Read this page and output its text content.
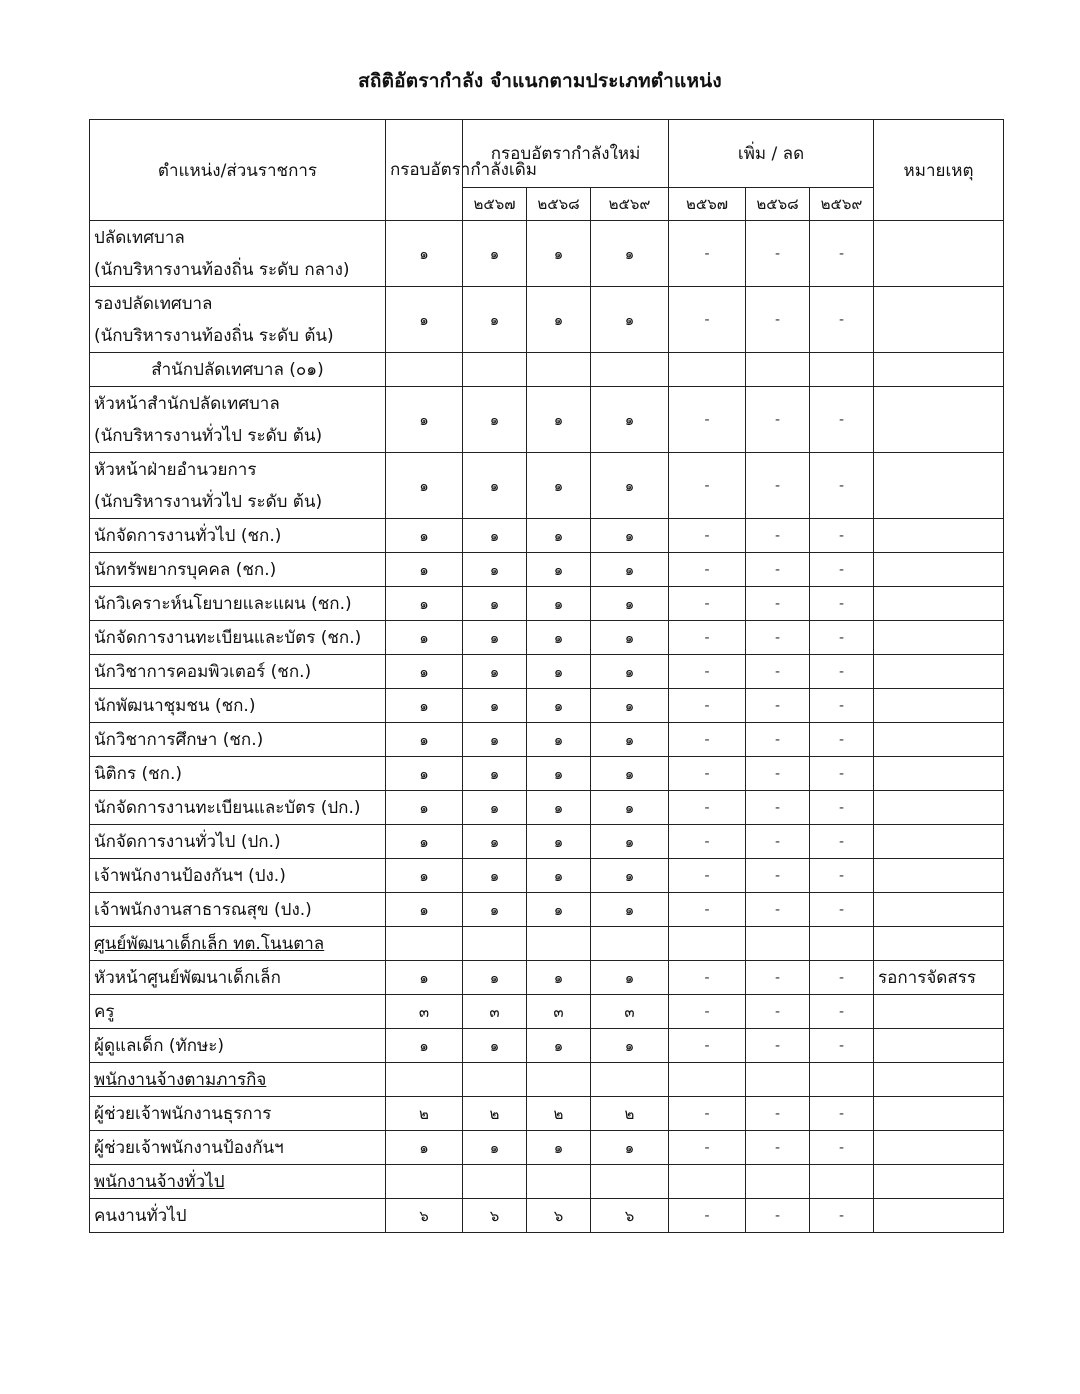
สถิติอัตรากำลัง จำแนกตามประเภทตำแหน่ง
ตำแหน่ง/ส่วนราชการ	กรอบอัตรากำลังเดิม	กรอบอัตรากำลังใหม่			เพิ่ม / ลด			หมายเหตุ
		๒๕๖๗	๒๕๖๘	๒๕๖๙	๒๕๖๗	๒๕๖๘	๒๕๖๙	

ปลัดเทศบาล
(นักบริหารงานท้องถิ่น ระดับ กลาง)	๑	๑	๑	๑	-	-	-	

รองปลัดเทศบาล
(นักบริหารงานท้องถิ่น ระดับ ต้น)	๑	๑	๑	๑	-	-	-	
สำนักปลัดเทศบาล (๐๑)								

หัวหน้าสำนักปลัดเทศบาล
(นักบริหารงานทั่วไป ระดับ ต้น)	๑	๑	๑	๑	-	-	-	

หัวหน้าฝ่ายอำนวยการ
(นักบริหารงานทั่วไป ระดับ ต้น)	๑	๑	๑	๑	-	-	-	

นักจัดการงานทั่วไป (ชก.)	๑	๑	๑	๑	-	-	-	

นักทรัพยากรบุคคล (ชก.)	๑	๑	๑	๑	-	-	-	

นักวิเคราะห์นโยบายและแผน (ชก.)	๑	๑	๑	๑	-	-	-	

นักจัดการงานทะเบียนและบัตร (ชก.)	๑	๑	๑	๑	-	-	-	

นักวิชาการคอมพิวเตอร์ (ชก.)	๑	๑	๑	๑	-	-	-	

นักพัฒนาชุมชน (ชก.)	๑	๑	๑	๑	-	-	-	

นักวิชาการศึกษา (ชก.)	๑	๑	๑	๑	-	-	-	

นิติกร (ชก.)	๑	๑	๑	๑	-	-	-	

นักจัดการงานทะเบียนและบัตร (ปก.)	๑	๑	๑	๑	-	-	-	

นักจัดการงานทั่วไป (ปก.)	๑	๑	๑	๑	-	-	-	

เจ้าพนักงานป้องกันฯ (ปง.)	๑	๑	๑	๑	-	-	-	

เจ้าพนักงานสาธารณสุข (ปง.)	๑	๑	๑	๑	-	-	-	
ศูนย์พัฒนาเด็กเล็ก ทต.โนนตาล								

หัวหน้าศูนย์พัฒนาเด็กเล็ก	๑	๑	๑	๑	-	-	-	รอการจัดสรร

ครู	๓	๓	๓	๓	-	-	-	

ผู้ดูแลเด็ก (ทักษะ)	๑	๑	๑	๑	-	-	-	
พนักงานจ้างตามภารกิจ								

ผู้ช่วยเจ้าพนักงานธุรการ	๒	๒	๒	๒	-	-	-	

ผู้ช่วยเจ้าพนักงานป้องกันฯ	๑	๑	๑	๑	-	-	-	
พนักงานจ้างทั่วไป								

คนงานทั่วไป	๖	๖	๖	๖	-	-	-	
